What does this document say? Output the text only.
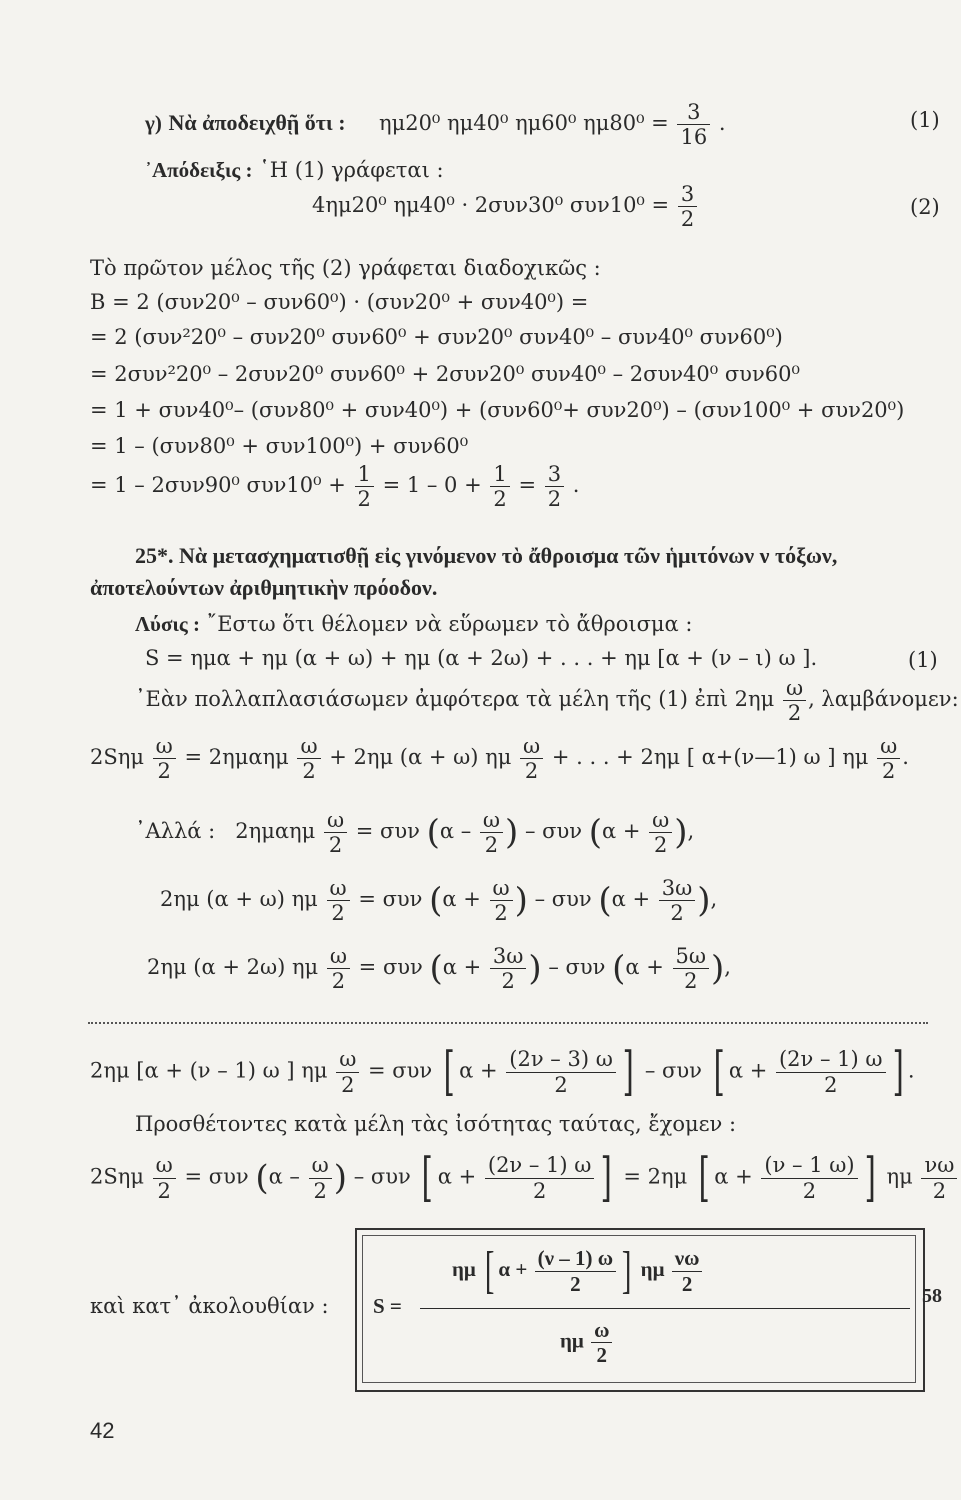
γ) Νὰ ἀποδειχθῇ ὅτι : ημ20⁰ ημ40⁰ ημ60⁰ $\eta\mu 80^0 = \frac{3}{16}$ .	(1)
᾿Απόδειξις : ῾Η (1) γράφεται :
4ημ20⁰ ημ40⁰ · 2συν30⁰ $\sigma\upsilon\nu 10^0 = \frac{3}{2}$	(2)
Τὸ πρῶτον μέλος τῆς (2) γράφεται διαδοχικῶς :
B = 2 (συν20⁰ – συν60⁰) · (συν20⁰ + συν40⁰) =
= 2 (συν²20⁰ – συν20⁰ συν60⁰ + συν20⁰ συν40⁰ – συν40⁰ συν60⁰)
= 2συν²20⁰ – 2συν20⁰ συν60⁰ + 2συν20⁰ συν40⁰ – 2συν40⁰ συν60⁰
= 1 + συν40⁰– (συν80⁰ + συν40⁰) + (συν60⁰+ συν20⁰) – (συν100⁰ + συν20⁰)
= 1 – (συν80⁰ + συν100⁰) + συν60⁰
= 1 – 2συν90⁰ $\sigma\upsilon\nu 10^0 + \frac{1}{2} = 1 - 0 + \frac{1}{2} = \frac{3}{2}$ .
25*. Νὰ μετασχηματισθῇ εἰς γινόμενον τὸ ἄθροισμα τῶν ἡμιτόνων ν τόξων,
ἀποτελούντων ἀριθμητικὴν πρόοδον.
Λύσις : ῎Εστω ὅτι θέλομεν νὰ εὕρωμεν τὸ ἄθροισμα :
S = ημα + ημ (α + ω) + ημ (α + 2ω) + . . . + ημ [α + (ν – ι) ω ].	(1)
᾿Εὰν πολλαπλασιάσωμεν ἀμφότερα τὰ μέλη τῆς (1) ἐπὶ $2\eta\mu \frac{\omega}{2}$ , λαμβάνομεν:
$2S\eta\mu \frac{\omega}{2} = 2\eta\mu\alpha\eta\mu \frac{\omega}{2} + 2\eta\mu$ (α + ω) ημ $\frac{\omega}{2}$ + . . . + 2ημ [ α+(ν—1) ω ] ημ $\frac{\omega}{2}$ .
᾿Αλλά : $2\eta\mu\alpha\eta\mu \frac{\omega}{2} = \sigma\upsilon\nu$ ($\alpha - \frac{\omega}{2}$ ) – συν ($\alpha + \frac{\omega}{2}$ ),
2ημ (α + ω) ημ $\frac{\omega}{2} = \sigma\upsilon\nu$ ($\alpha + \frac{\omega}{2}$ ) – συν ($\alpha + \frac{3\omega}{2}$ ),
2ημ (α + 2ω) ημ $\frac{\omega}{2} = \sigma\upsilon\nu$ ($\alpha + \frac{3\omega}{2}$ ) – συν ($\alpha + \frac{5\omega}{2}$ ),
2ημ [α + (ν – 1) ω ] ημ $\frac{\omega}{2} = \sigma\upsilon\nu$ [ $\alpha + \frac{(2\nu - 3) \omega}{2}$ ] – συν [ $\alpha + \frac{(2\nu - 1) \omega}{2}$ ] .
Προσθέτοντες κατὰ μέλη τὰς ἰσότητας ταύτας, ἔχομεν :
$2S\eta\mu \frac{\omega}{2} = \sigma\upsilon\nu$ ($\alpha - \frac{\omega}{2}$ ) – συν [ $\alpha + \frac{(2\nu - 1) \omega}{2}$ ] = 2ημ [ $\alpha + \frac{(\nu - 1 \omega)}{2}$ ] ημ $\frac{\nu\omega}{2}$
καὶ κατ᾿ ἀκολουθίαν : S =
ημ [ $\alpha + \frac{(\nu - 1) \omega}{2}$ ] ημ $\frac{\nu\omega}{2}$
ημ $\frac{\omega}{2}$
42
58
